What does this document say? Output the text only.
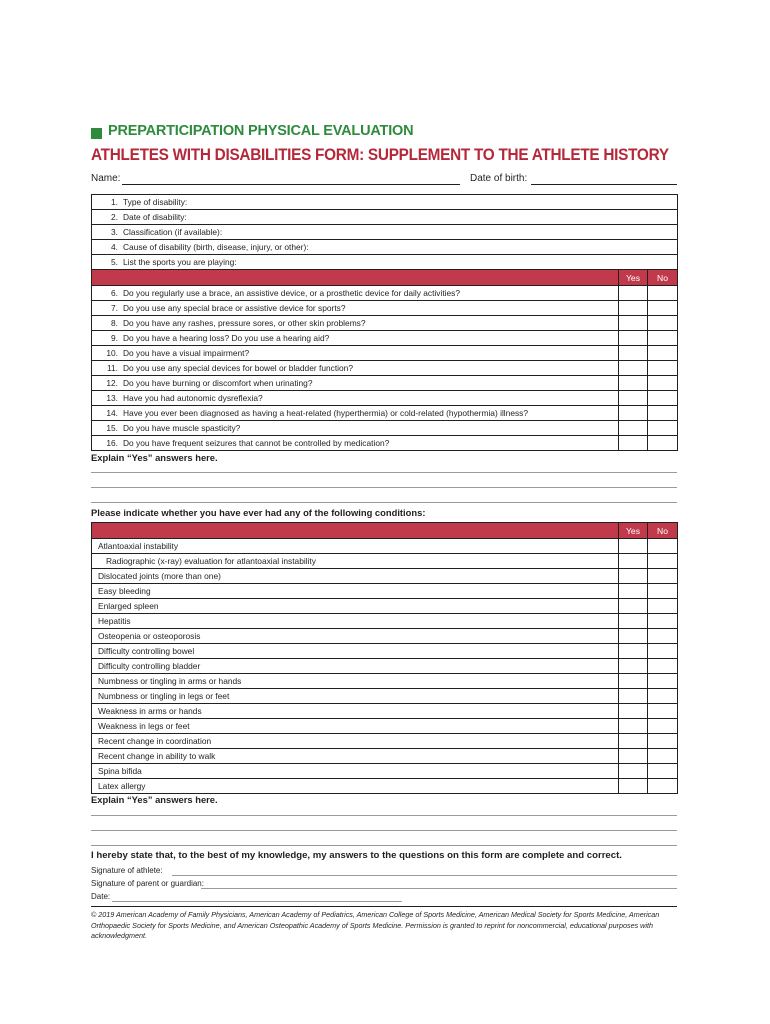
PREPARTICIPATION PHYSICAL EVALUATION
ATHLETES WITH DISABILITIES FORM: SUPPLEMENT TO THE ATHLETE HISTORY
Name:	Date of birth:
1. Type of disability:		
2. Date of disability:		
3. Classification (if available):		
4. Cause of disability (birth, disease, injury, or other):		
5. List the sports you are playing:		
	Yes	No
6. Do you regularly use a brace, an assistive device, or a prosthetic device for daily activities?		
7. Do you use any special brace or assistive device for sports?		
8. Do you have any rashes, pressure sores, or other skin problems?		
9. Do you have a hearing loss? Do you use a hearing aid?		
10. Do you have a visual impairment?		
11. Do you use any special devices for bowel or bladder function?		
12. Do you have burning or discomfort when urinating?		
13. Have you had autonomic dysreflexia?		
14. Have you ever been diagnosed as having a heat-related (hyperthermia) or cold-related (hypothermia) illness?		
15. Do you have muscle spasticity?		
16. Do you have frequent seizures that cannot be controlled by medication?		
Explain “Yes” answers here.
Please indicate whether you have ever had any of the following conditions:
	Yes	No
Atlantoaxial instability		
Radiographic (x-ray) evaluation for atlantoaxial instability		
Dislocated joints (more than one)		
Easy bleeding		
Enlarged spleen		
Hepatitis		
Osteopenia or osteoporosis		
Difficulty controlling bowel		
Difficulty controlling bladder		
Numbness or tingling in arms or hands		
Numbness or tingling in legs or feet		
Weakness in arms or hands		
Weakness in legs or feet		
Recent change in coordination		
Recent change in ability to walk		
Spina bifida		
Latex allergy		
Explain “Yes” answers here.
I hereby state that, to the best of my knowledge, my answers to the questions on this form are complete and correct.
Signature of athlete:
Signature of parent or guardian:
Date:
© 2019 American Academy of Family Physicians, American Academy of Pediatrics, American College of Sports Medicine, American Medical Society for Sports Medicine, American Orthopaedic Society for Sports Medicine, and American Osteopathic Academy of Sports Medicine. Permission is granted to reprint for noncommercial, educational purposes with acknowledgment.
